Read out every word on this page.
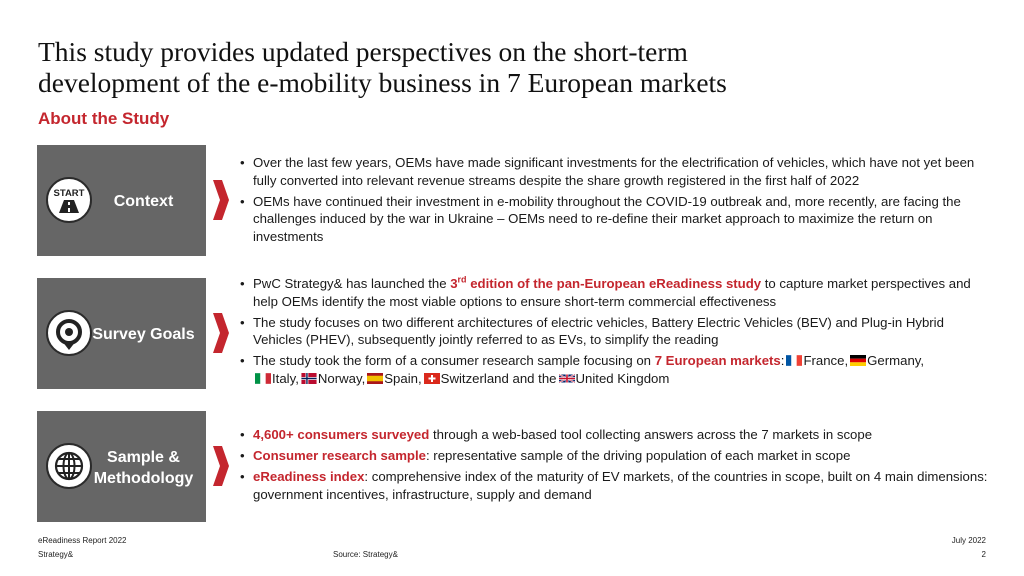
This study provides updated perspectives on the short-term
development of the e-mobility business in 7 European markets
About the Study
START	Context
• Over the last few years, OEMs have made significant investments for the electrification of vehicles, which have not yet been fully converted into relevant revenue streams despite the share growth registered in the first half of 2022
• OEMs have continued their investment in e-mobility throughout the COVID-19 outbreak and, more recently, are facing the challenges induced by the war in Ukraine – OEMs need to re-define their market approach to maximize the return on investments
Survey Goals
• PwC Strategy& has launched the 3rd edition of the pan-European eReadiness study to capture market perspectives and help OEMs identify the most viable options to ensure short-term commercial effectiveness
• The study focuses on two different architectures of electric vehicles, Battery Electric Vehicles (BEV) and Plug-in Hybrid Vehicles (PHEV), subsequently jointly referred to as EVs, to simplify the reading
• The study took the form of a consumer research sample focusing on 7 European markets: France, Germany,
Italy, Norway, Spain, Switzerland and the United Kingdom
Sample &
Methodology
• 4,600+ consumers surveyed through a web-based tool collecting answers across the 7 markets in scope
• Consumer research sample: representative sample of the driving population of each market in scope
• eReadiness index: comprehensive index of the maturity of EV markets, of the countries in scope, built on 4 main dimensions: government incentives, infrastructure, supply and demand
eReadiness Report 2022
Strategy&	Source: Strategy&
July 2022
2
